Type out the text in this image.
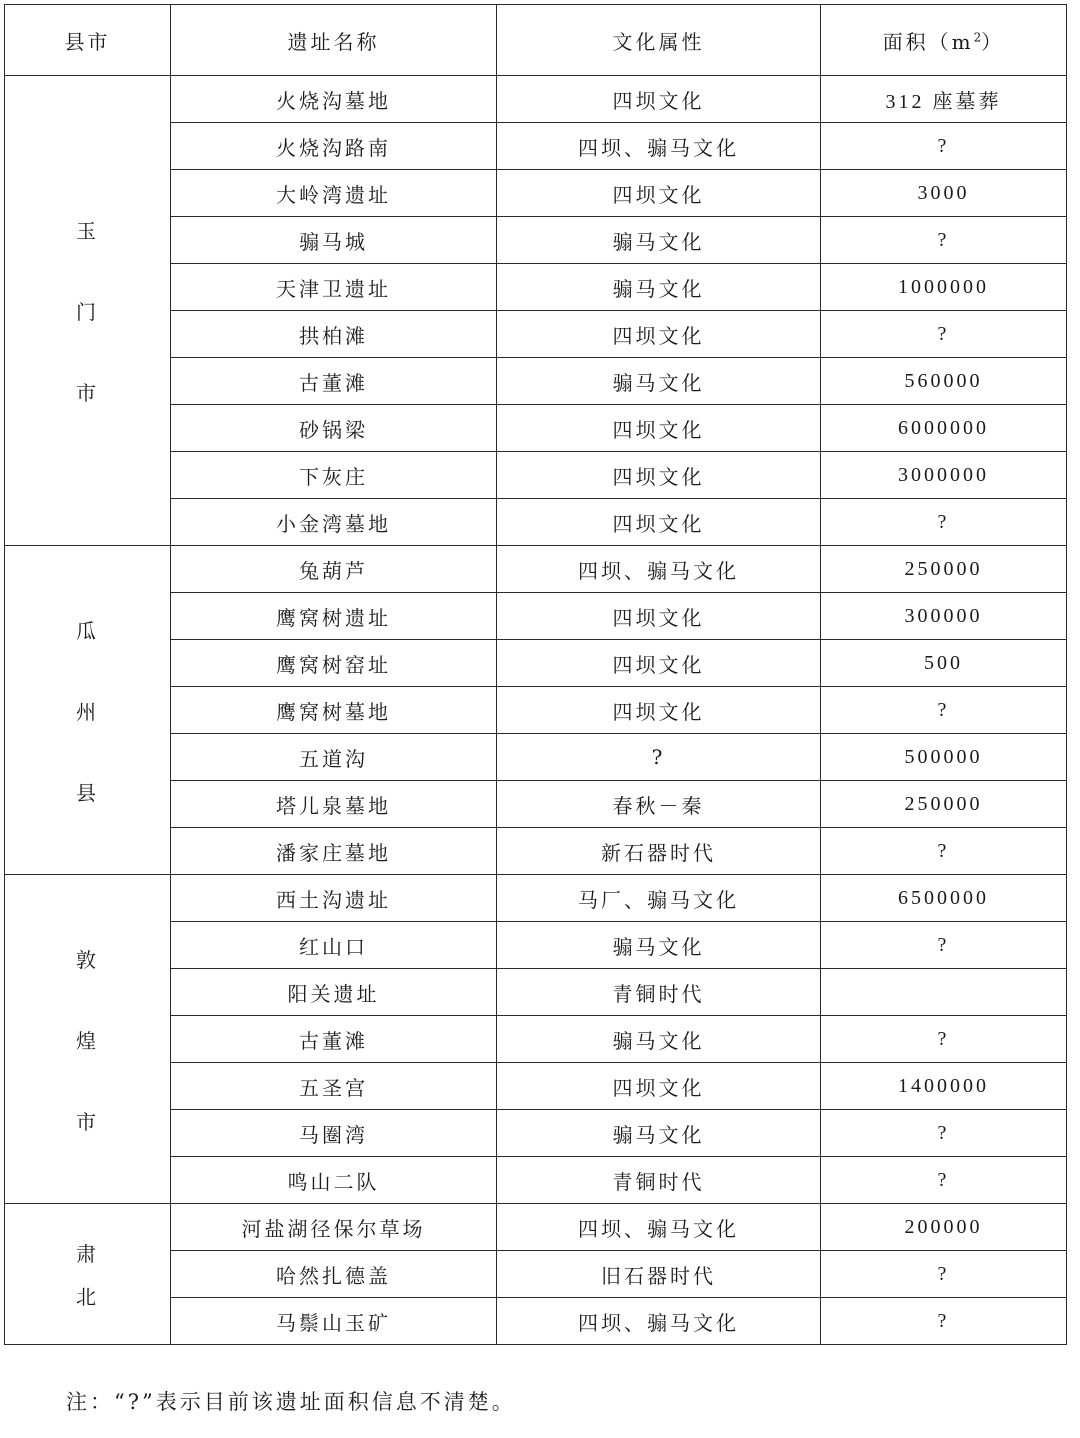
县市	遗址名称	文化属性	面积$(m^2)$

玉
门
市	火烧沟墓地	四坝文化	312 座墓葬
	火烧沟路南	四坝、骟马文化	?
	大岭湾遗址	四坝文化	3000
	骟马城	骟马文化	?
	天津卫遗址	骟马文化	1000000
	拱柏滩	四坝文化	?
	古董滩	骟马文化	560000
	砂锅梁	四坝文化	6000000
	下灰庄	四坝文化	3000000
	小金湾墓地	四坝文化	?

瓜
州
县	兔葫芦	四坝、骟马文化	250000
	鹰窝树遗址	四坝文化	300000
	鹰窝树窑址	四坝文化	500
	鹰窝树墓地	四坝文化	?
	五道沟	?	500000
	塔儿泉墓地	春秋－秦	250000
	潘家庄墓地	新石器时代	?

敦
煌
市	西土沟遗址	马厂、骟马文化	6500000
	红山口	骟马文化	?
	阳关遗址	青铜时代	
	古董滩	骟马文化	?
	五圣宫	四坝文化	1400000
	马圈湾	骟马文化	?
	鸣山二队	青铜时代	?

肃
北	河盐湖径保尔草场	四坝、骟马文化	200000
	哈然扎德盖	旧石器时代	?
	马鬃山玉矿	四坝、骟马文化	?
注：“?”表示目前该遗址面积信息不清楚。
